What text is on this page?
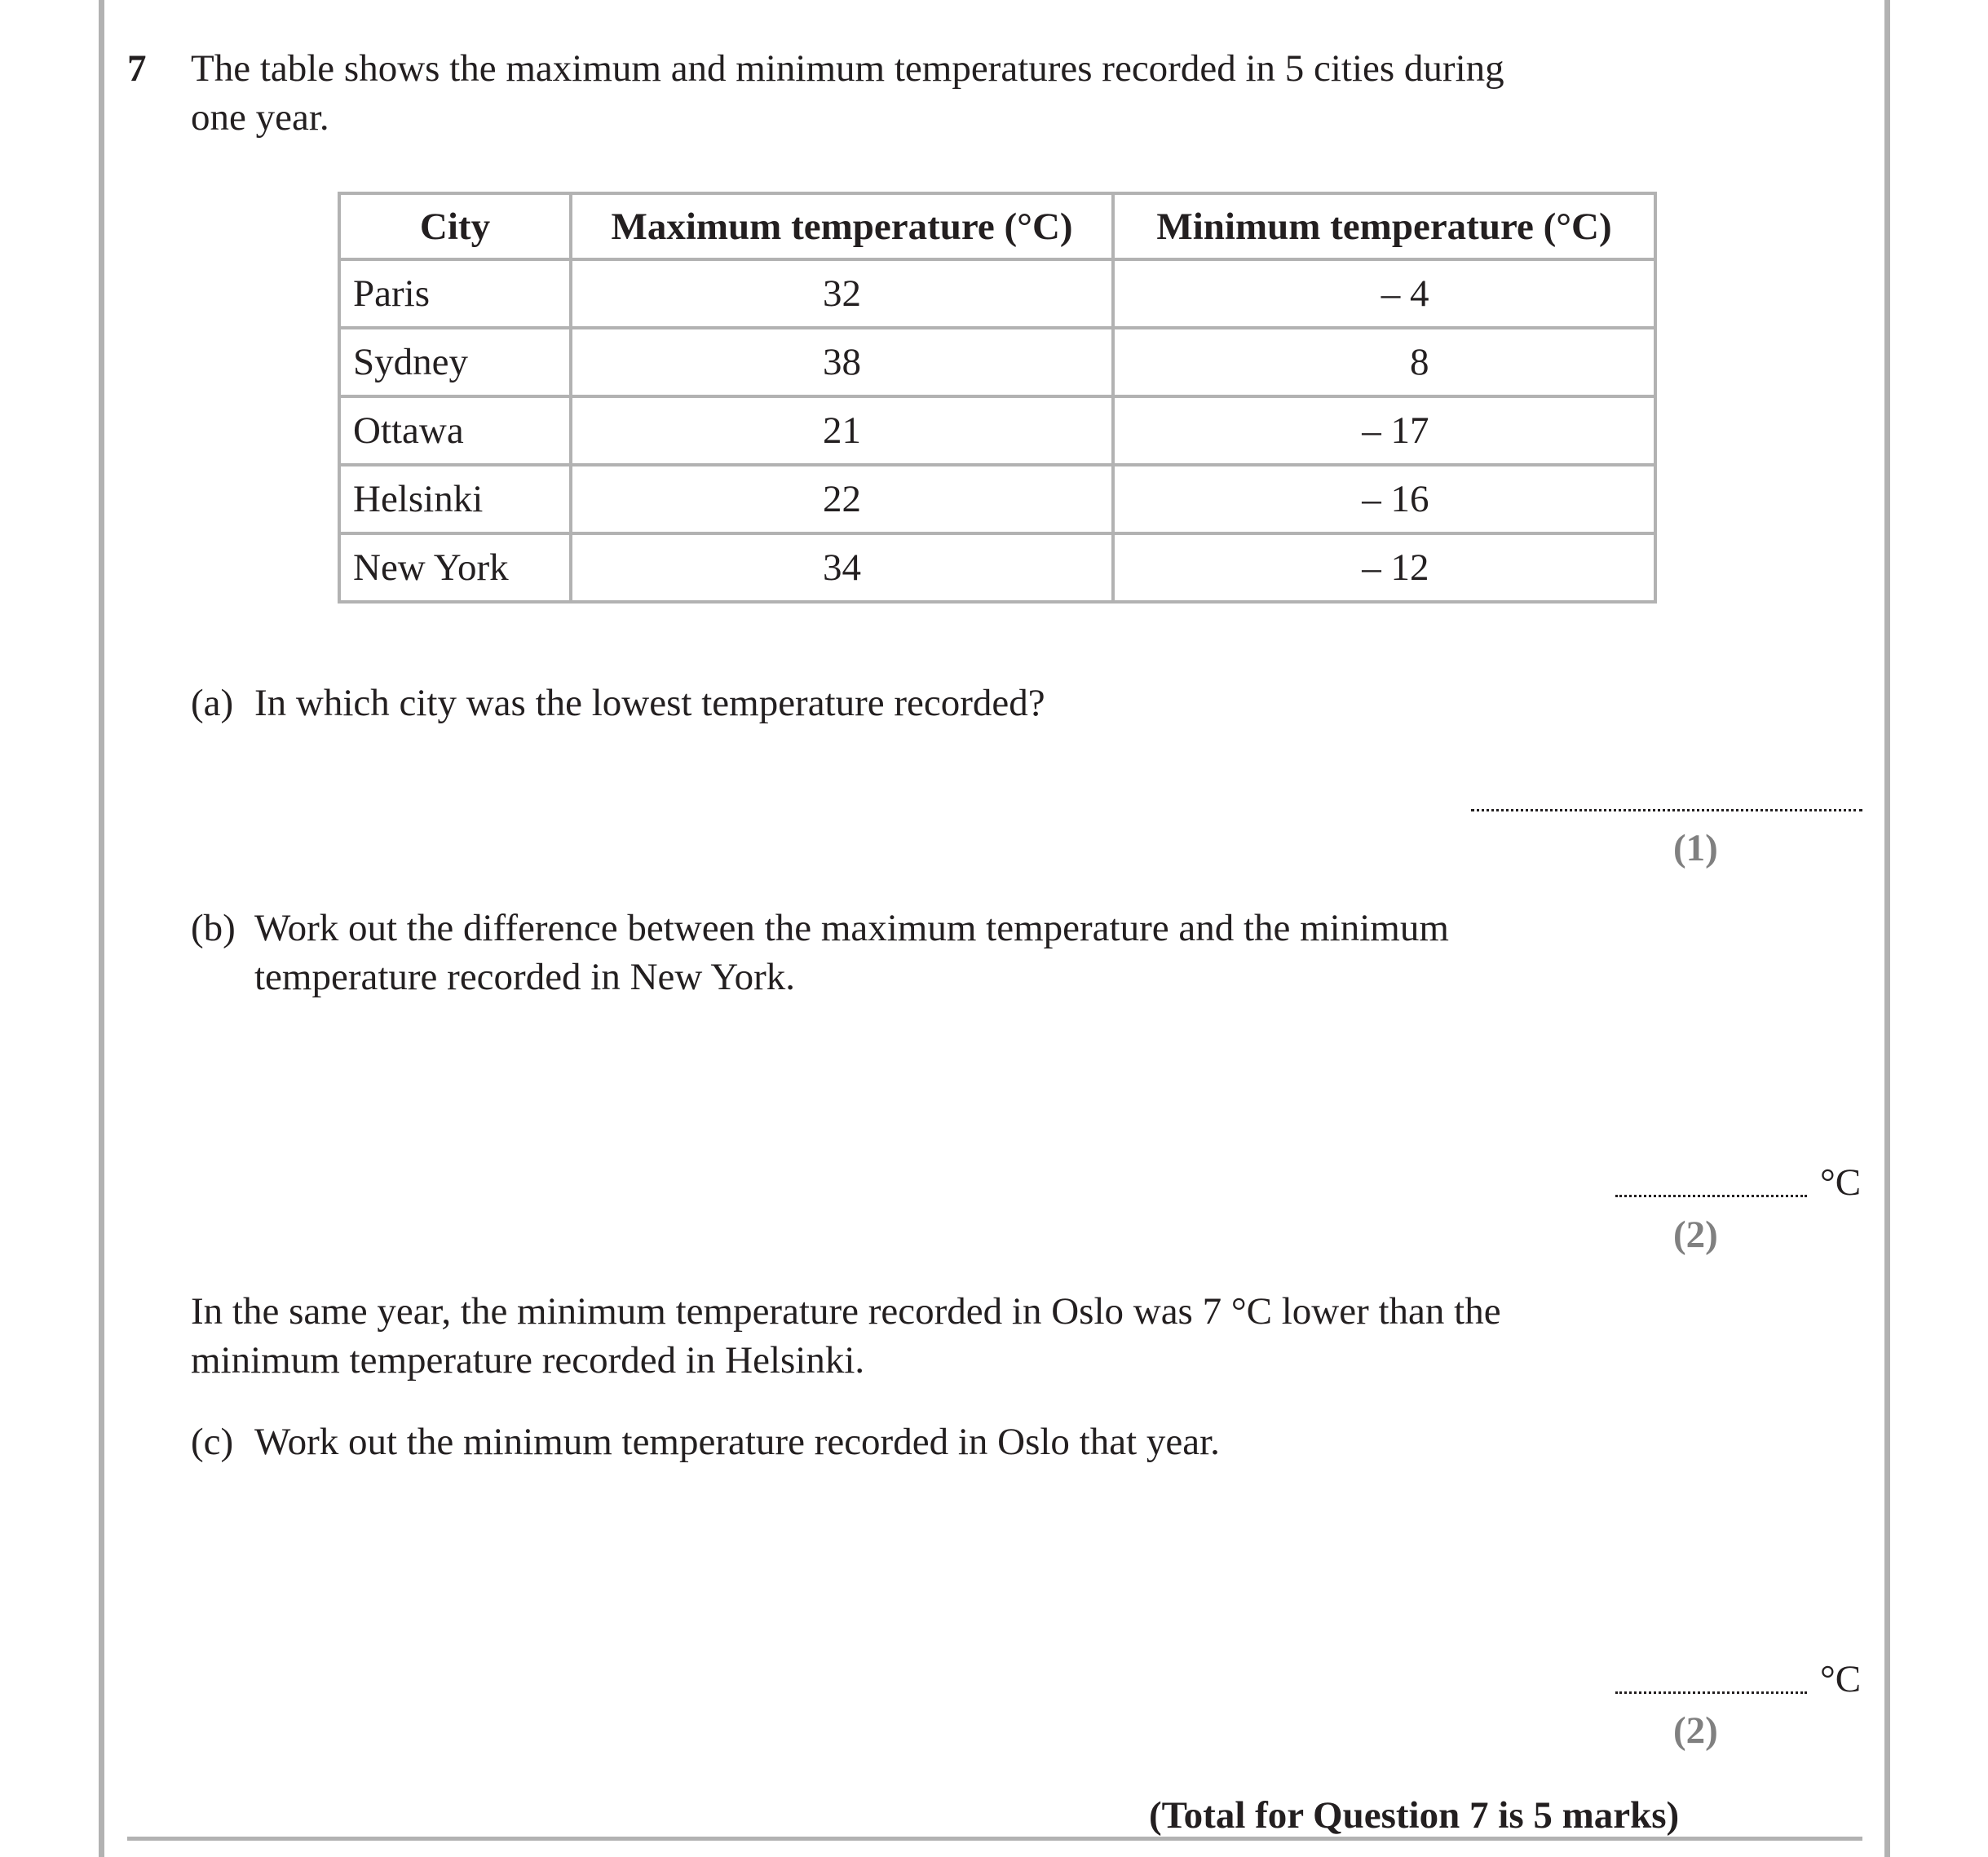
7 The table shows the maximum and minimum temperatures recorded in 5 cities during
one year.
City	Maximum temperature (°C)	Minimum temperature (°C)
Paris	32	– 4
Sydney	38	8
Ottawa	21	– 17
Helsinki	22	– 16
New York	34	– 12
(a) In which city was the lowest temperature recorded?
(1)
(b) Work out the difference between the maximum temperature and the minimum
temperature recorded in New York.
°C
(2)
In the same year, the minimum temperature recorded in Oslo was 7 °C lower than the
minimum temperature recorded in Helsinki.
(c) Work out the minimum temperature recorded in Oslo that year.
°C
(2)
(Total for Question 7 is 5 marks)
